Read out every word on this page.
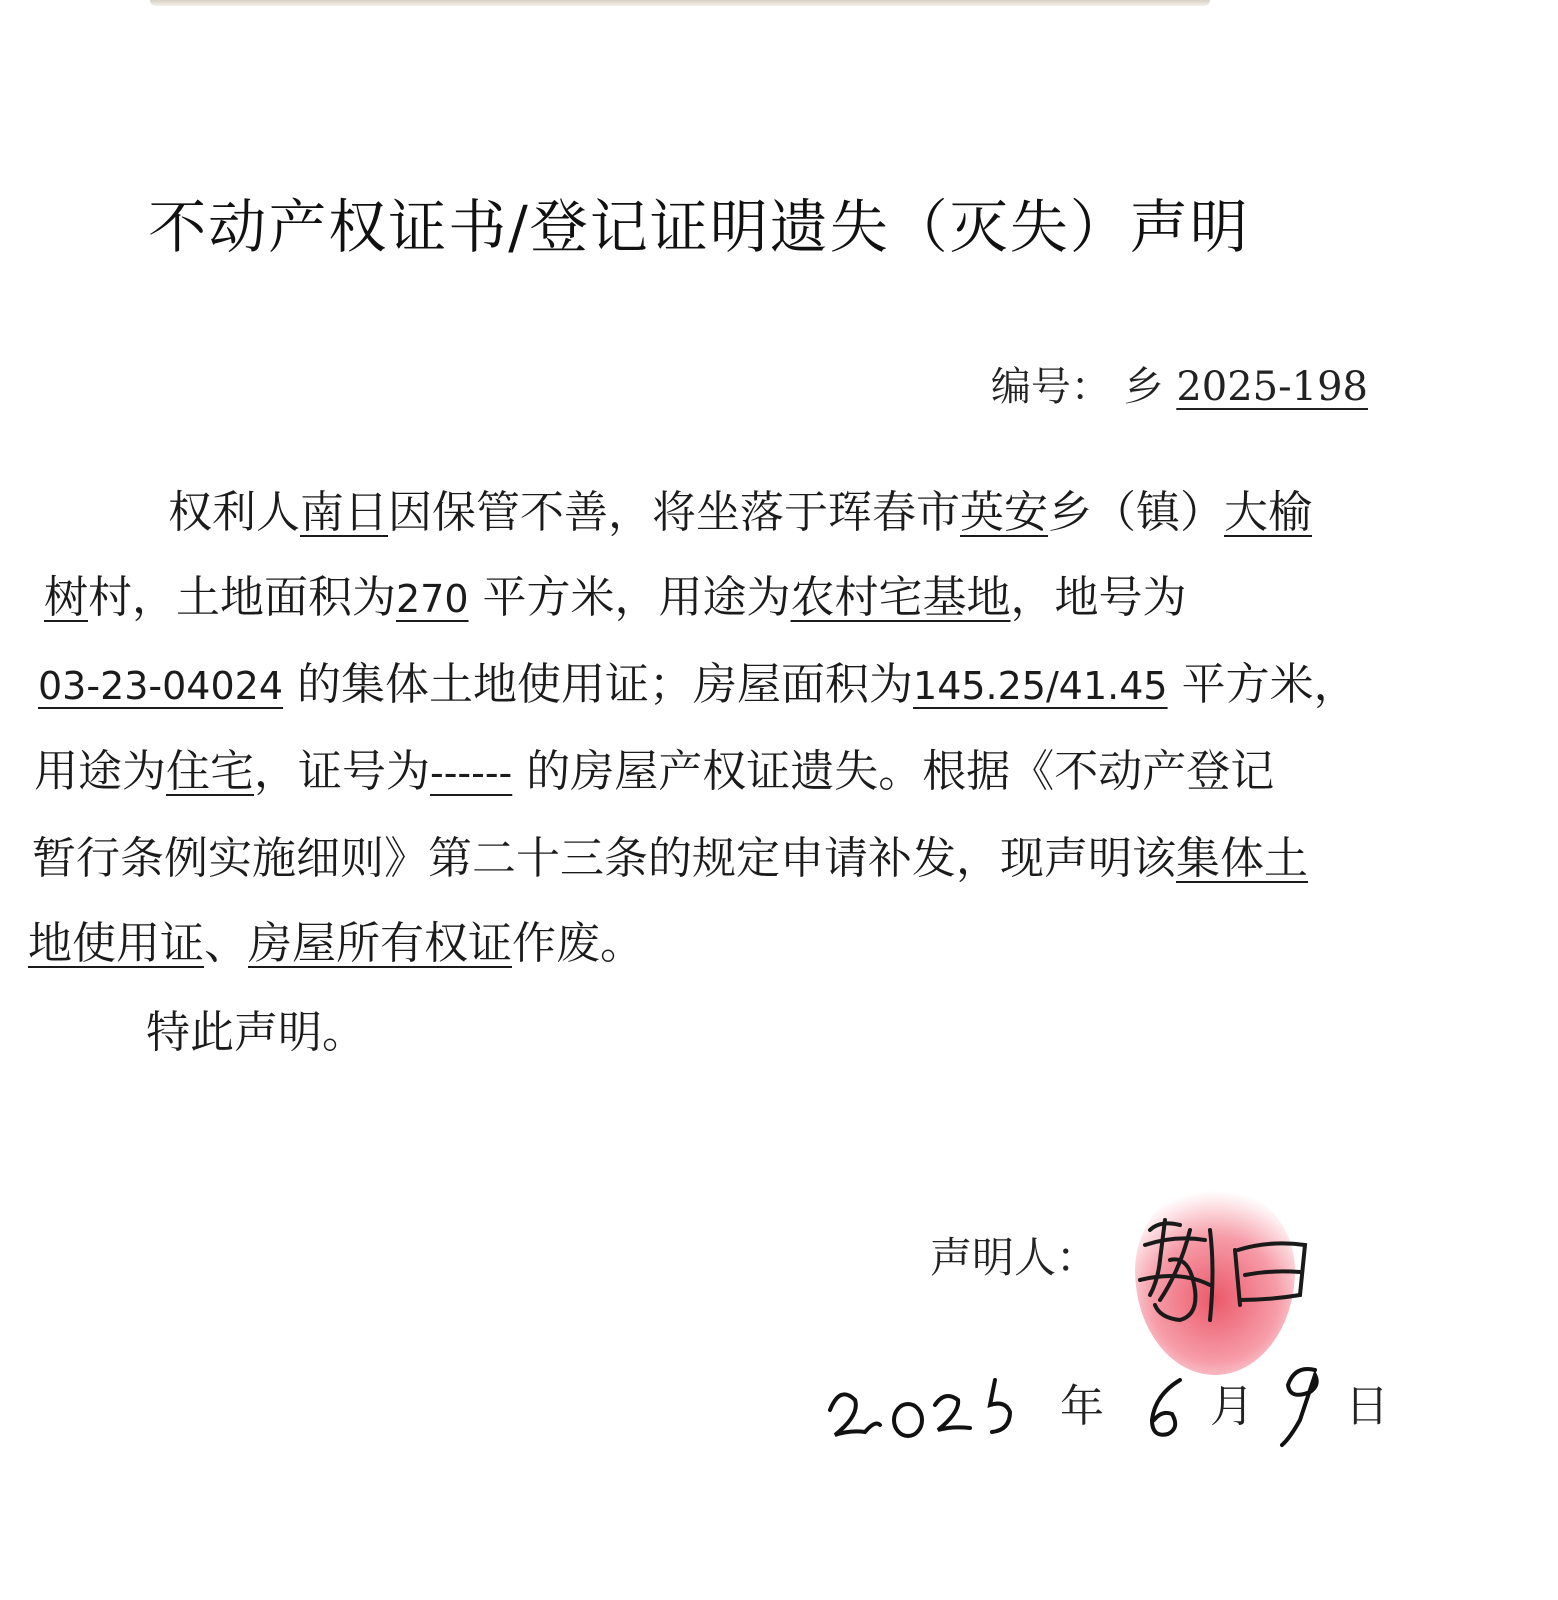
不动产权证书/登记证明遗失（灭失）声明
编号： 乡 2025-198
权利人南日因保管不善，将坐落于珲春市英安乡（镇）大榆
树村，土地面积为270 平方米，用途为农村宅基地，地号为
03-23-04024 的集体土地使用证；房屋面积为145.25/41.45 平方米，
用途为住宅，证号为------ 的房屋产权证遗失。根据《不动产登记
暂行条例实施细则》第二十三条的规定申请补发，现声明该集体土
地使用证、房屋所有权证作废。
特此声明。
声明人：
年 月 日
